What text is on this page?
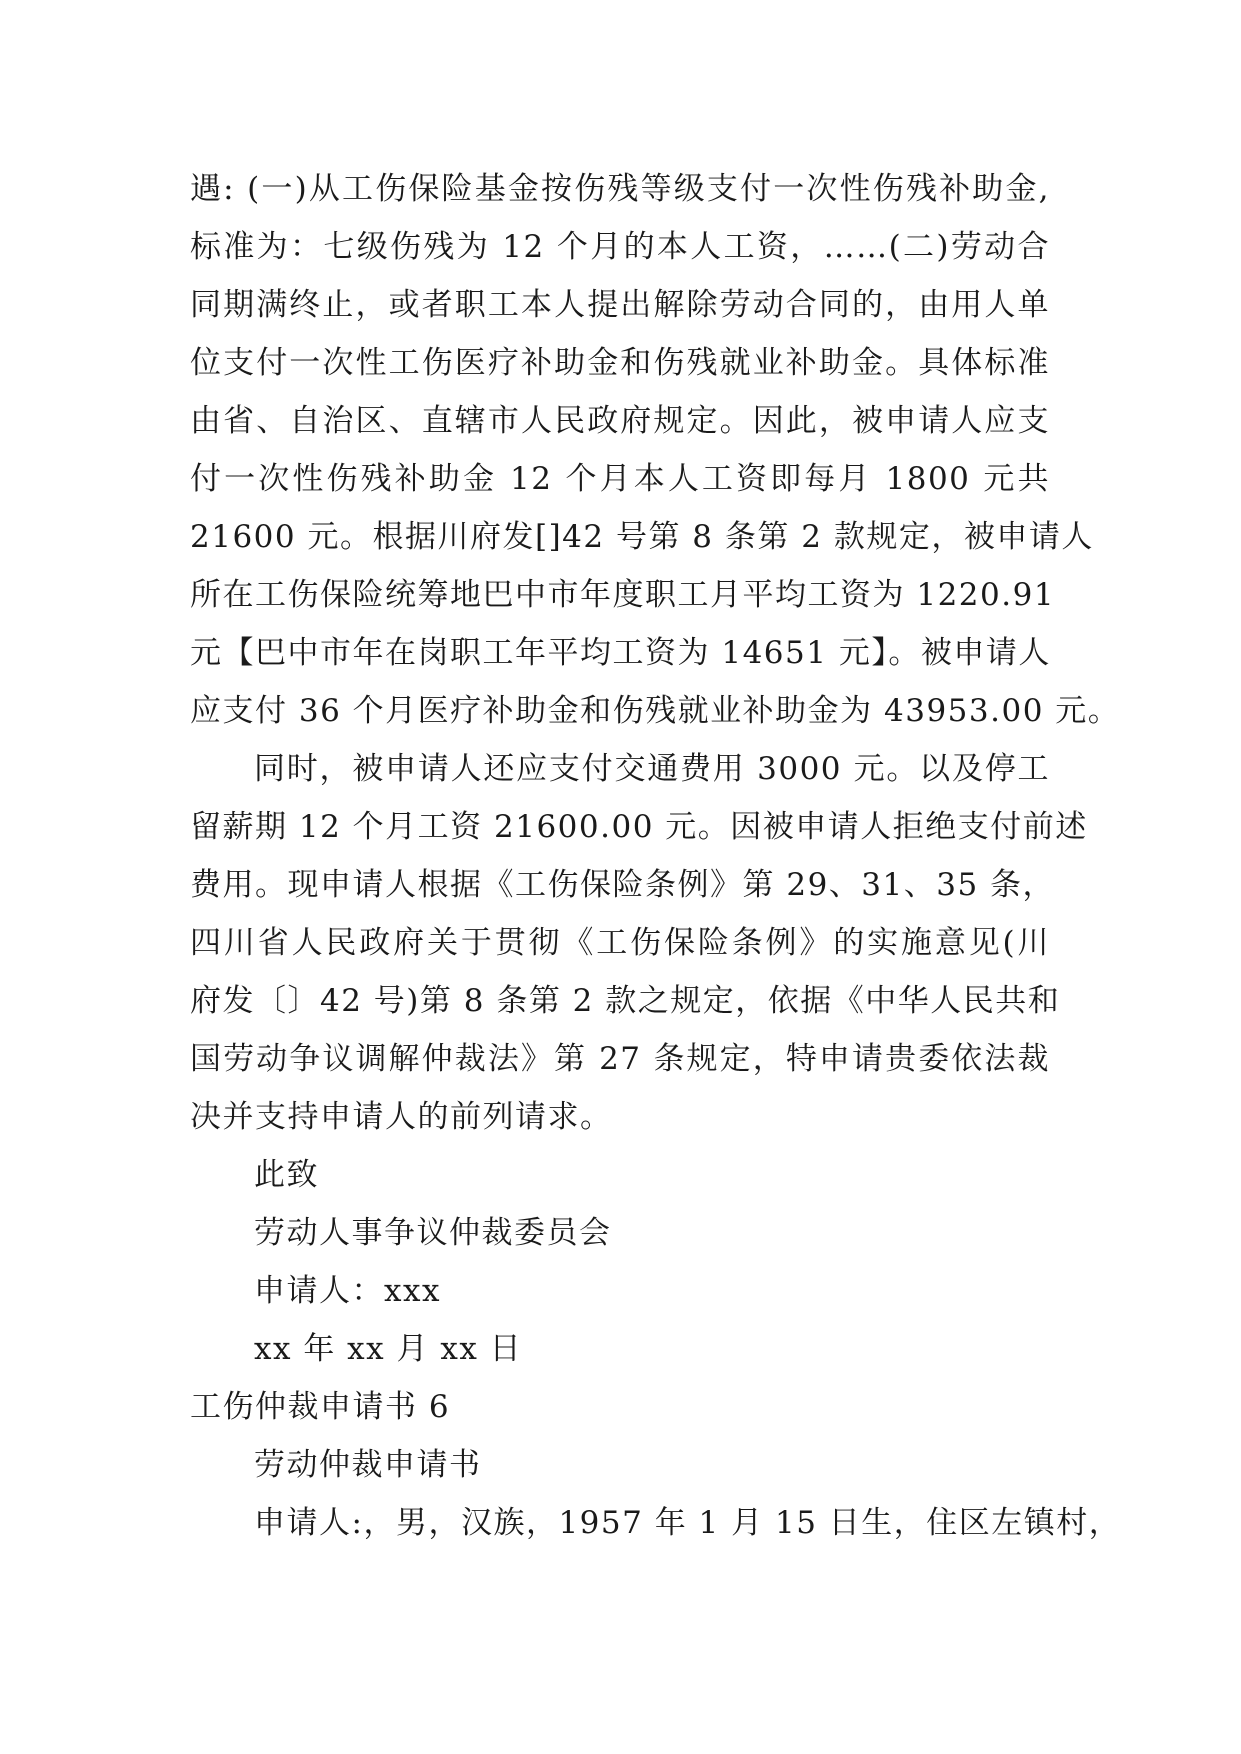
遇: (一)从工伤保险基金按伤残等级支付一次性伤残补助金,
标准为：七级伤残为 12 个月的本人工资，……(二)劳动合
同期满终止，或者职工本人提出解除劳动合同的，由用人单
位支付一次性工伤医疗补助金和伤残就业补助金。具体标准
由省、自治区、直辖市人民政府规定。因此，被申请人应支
付一次性伤残补助金 12 个月本人工资即每月 1800 元共
21600 元。根据川府发[]42 号第 8 条第 2 款规定，被申请人
所在工伤保险统筹地巴中市年度职工月平均工资为 1220.91
元【巴中市年在岗职工年平均工资为 14651 元】。被申请人
应支付 36 个月医疗补助金和伤残就业补助金为 43953.00 元。
同时，被申请人还应支付交通费用 3000 元。以及停工
留薪期 12 个月工资 21600.00 元。因被申请人拒绝支付前述
费用。现申请人根据《工伤保险条例》第 29、31、35 条，
四川省人民政府关于贯彻《工伤保险条例》的实施意见(川
府发〔〕42 号)第 8 条第 2 款之规定，依据《中华人民共和
国劳动争议调解仲裁法》第 27 条规定，特申请贵委依法裁
决并支持申请人的前列请求。
此致
劳动人事争议仲裁委员会
申请人：xxx
xx 年 xx 月 xx 日
工伤仲裁申请书 6
劳动仲裁申请书
申请人:，男，汉族，1957 年 1 月 15 日生，住区左镇村，
